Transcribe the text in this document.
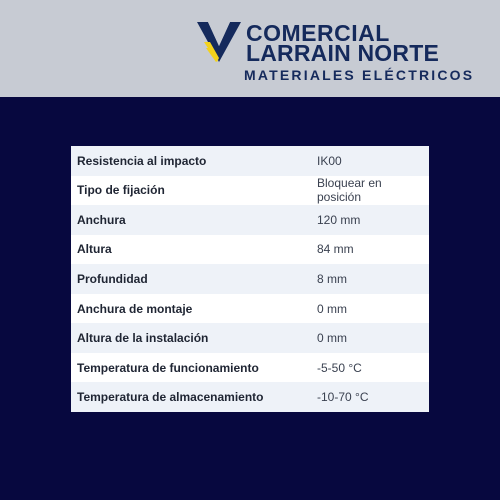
COMERCIAL
LARRAIN NORTE
MATERIALES ELÉCTRICOS
Resistencia al impacto	IK00
Tipo de fijación	Bloquear en posición
Anchura	120 mm
Altura	84 mm
Profundidad	8 mm
Anchura de montaje	0 mm
Altura de la instalación	0 mm
Temperatura de funcionamiento	-5-50 °C
Temperatura de almacenamiento	-10-70 °C
